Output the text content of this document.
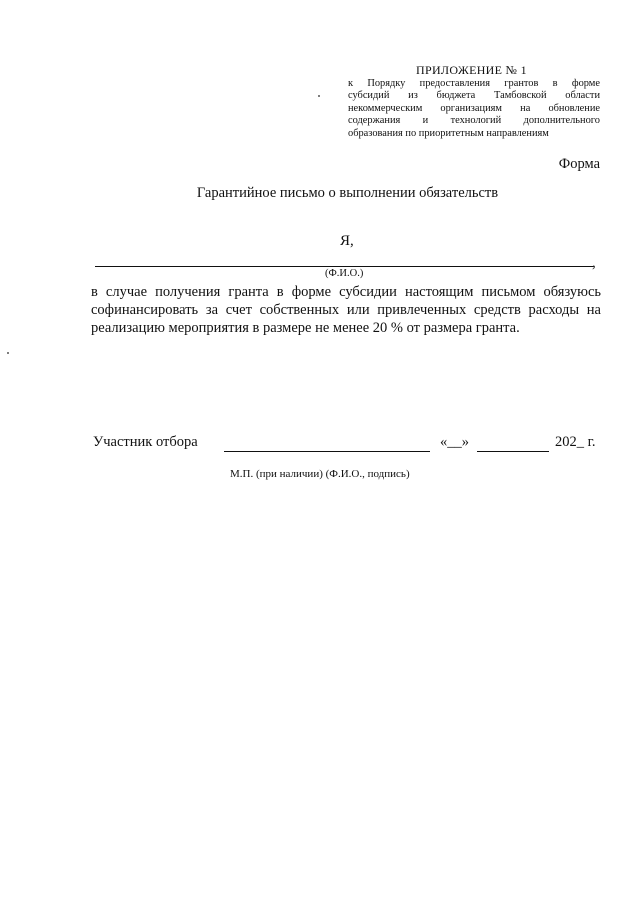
ПРИЛОЖЕНИЕ № 1
к Порядку предоставления грантов в форме
субсидий из бюджета Тамбовской области
некоммерческим организациям на обновление
содержания и технологий дополнительного
образования по приоритетным направлениям
Форма
Гарантийное письмо о выполнении обязательств
Я,
,
(Ф.И.О.)
в случае получения гранта в форме субсидии настоящим письмом обязуюсь
софинансировать за счет собственных или привлеченных средств расходы на
реализацию мероприятия в размере не менее 20 % от размера гранта.
Участник отбора	«__»	202_ г.
М.П. (при наличии) (Ф.И.О., подпись)
